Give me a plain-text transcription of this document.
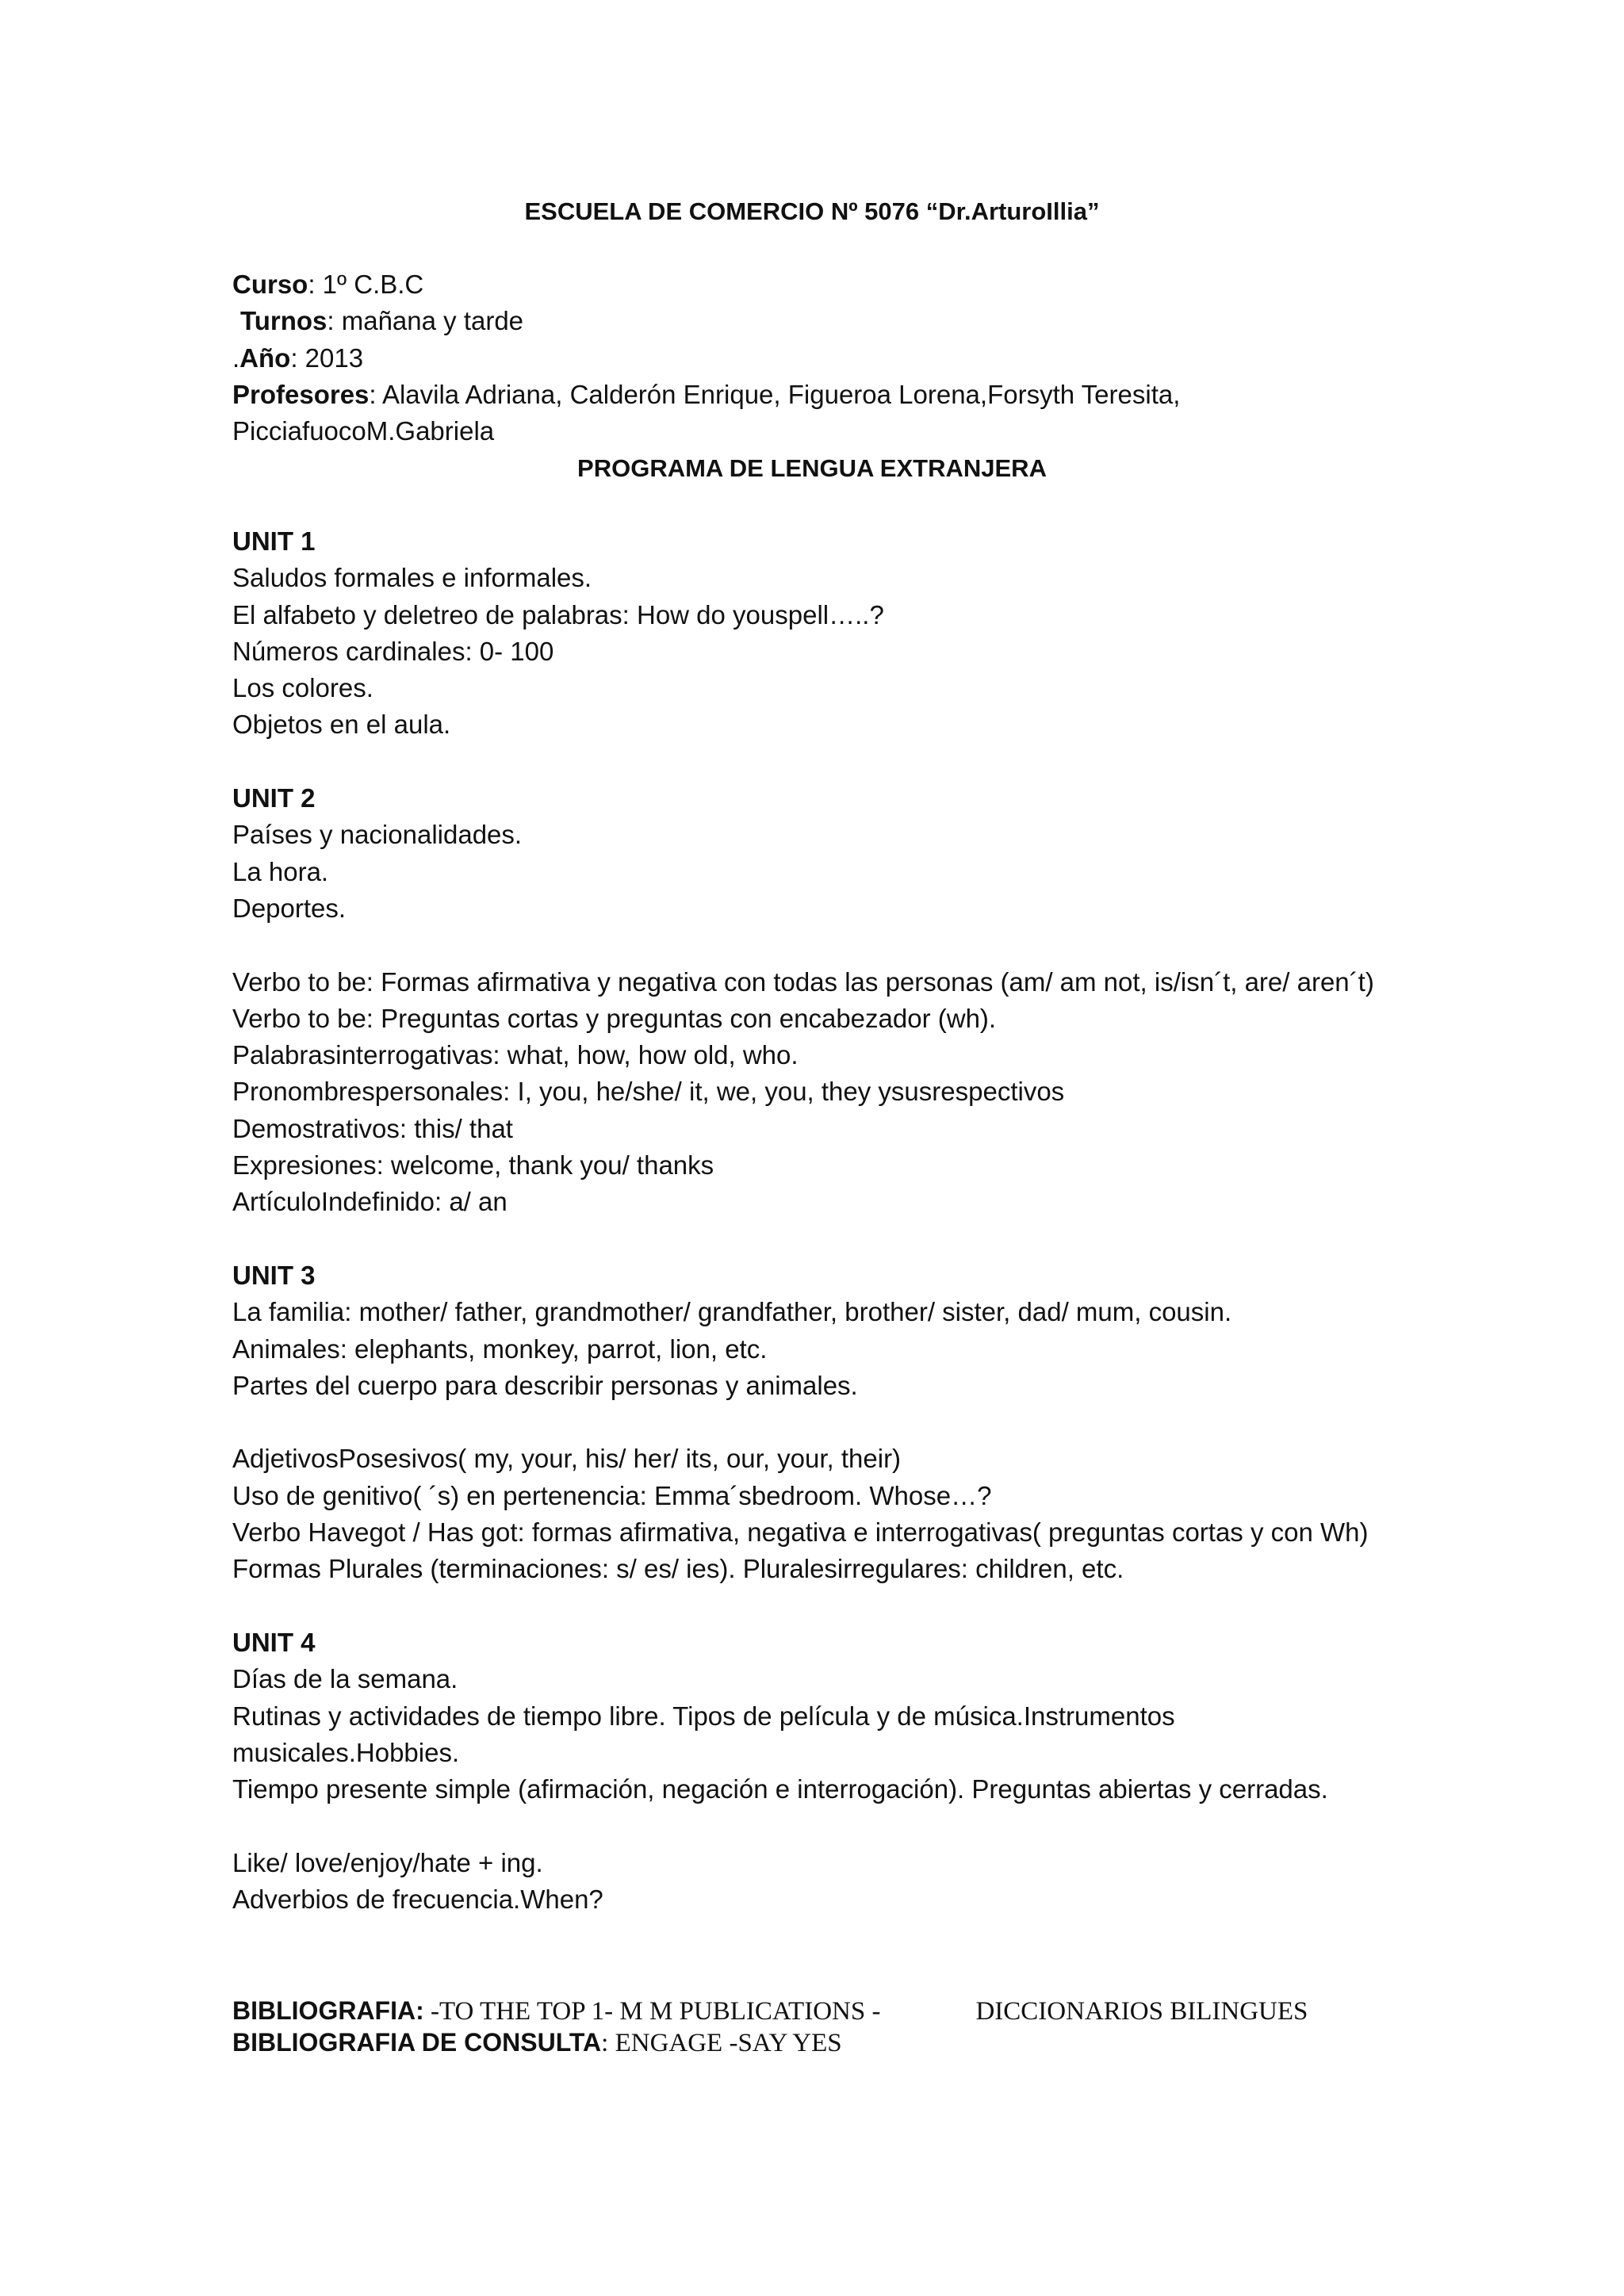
ESCUELA DE COMERCIO Nº 5076 “Dr.ArturoIllia”

Curso: 1º C.B.C

Turnos: mañana y tarde

.Año: 2013

Profesores: Alavila Adriana, Calderón Enrique, Figueroa Lorena,Forsyth Teresita,

PicciafuocoM.Gabriela

PROGRAMA DE LENGUA EXTRANJERA

UNIT 1

Saludos formales e informales.

El alfabeto y deletreo de palabras: How do youspell…..?

Números cardinales: 0- 100

Los colores.

Objetos en el aula.

UNIT 2

Países y nacionalidades.

La hora.

Deportes.

Verbo to be: Formas afirmativa y negativa con todas las personas (am/ am not, is/isn´t, are/ aren´t)

Verbo to be: Preguntas cortas y preguntas con encabezador (wh).

Palabrasinterrogativas: what, how, how old, who.

Pronombrespersonales: I, you, he/she/ it, we, you, they ysusrespectivos

Demostrativos: this/ that

Expresiones: welcome, thank you/ thanks

ArtículoIndefinido: a/ an

UNIT 3

La familia: mother/ father, grandmother/ grandfather, brother/ sister, dad/ mum, cousin.

Animales: elephants, monkey, parrot, lion, etc.

Partes del cuerpo para describir personas y animales.

AdjetivosPosesivos( my, your, his/ her/ its, our, your, their)

Uso de genitivo( ´s) en pertenencia: Emma´sbedroom. Whose…?

Verbo Havegot / Has got: formas afirmativa, negativa e interrogativas( preguntas cortas y con Wh)

Formas Plurales (terminaciones: s/ es/ ies). Pluralesirregulares: children, etc.

UNIT 4

Días de la semana.

Rutinas y actividades de tiempo libre. Tipos de película y de música.Instrumentos musicales.Hobbies.

Tiempo presente simple (afirmación, negación e interrogación). Preguntas abiertas y cerradas.

Like/ love/enjoy/hate + ing.

Adverbios de frecuencia.When?

BIBLIOGRAFIA: -TO THE TOP 1- M M PUBLICATIONS -	DICCIONARIOS BILINGUES
BIBLIOGRAFIA DE CONSULTA: ENGAGE -SAY YES
